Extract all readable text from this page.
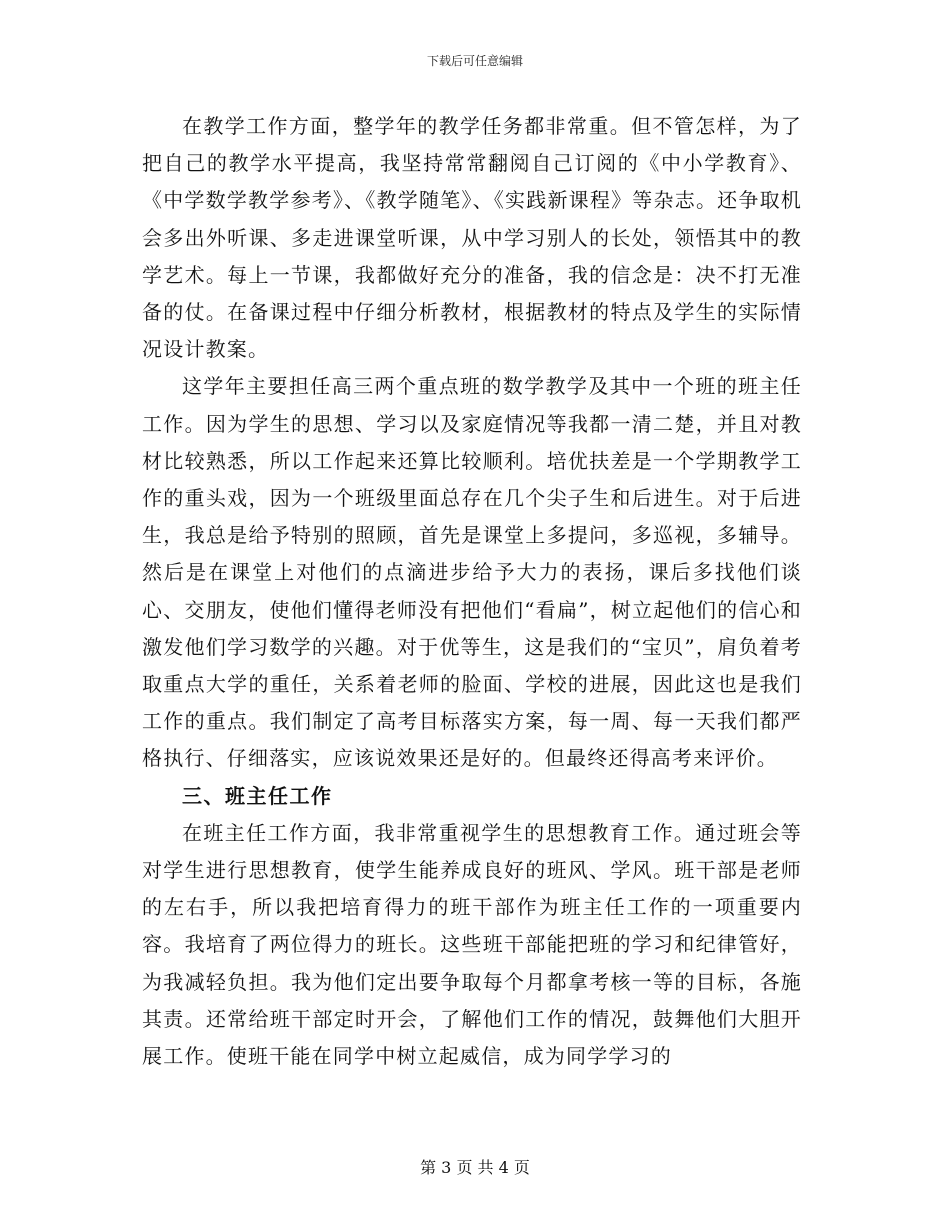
下载后可任意编辑

在教学工作方面，整学年的教学任务都非常重。但不管怎样，为了把自己的教学水平提高，我坚持常常翻阅自己订阅的《中小学教育》、《中学数学教学参考》、《教学随笔》、《实践新课程》等杂志。还争取机会多出外听课、多走进课堂听课，从中学习别人的长处，领悟其中的教学艺术。每上一节课，我都做好充分的准备，我的信念是：决不打无准备的仗。在备课过程中仔细分析教材，根据教材的特点及学生的实际情况设计教案。

这学年主要担任高三两个重点班的数学教学及其中一个班的班主任工作。因为学生的思想、学习以及家庭情况等我都一清二楚，并且对教材比较熟悉，所以工作起来还算比较顺利。培优扶差是一个学期教学工作的重头戏，因为一个班级里面总存在几个尖子生和后进生。对于后进生，我总是给予特别的照顾，首先是课堂上多提问，多巡视，多辅导。然后是在课堂上对他们的点滴进步给予大力的表扬，课后多找他们谈心、交朋友，使他们懂得老师没有把他们“看扁”，树立起他们的信心和激发他们学习数学的兴趣。对于优等生，这是我们的“宝贝”，肩负着考取重点大学的重任，关系着老师的脸面、学校的进展，因此这也是我们工作的重点。我们制定了高考目标落实方案，每一周、每一天我们都严格执行、仔细落实，应该说效果还是好的。但最终还得高考来评价。

三、班主任工作

在班主任工作方面，我非常重视学生的思想教育工作。通过班会等对学生进行思想教育，使学生能养成良好的班风、学风。班干部是老师的左右手，所以我把培育得力的班干部作为班主任工作的一项重要内容。我培育了两位得力的班长。这些班干部能把班的学习和纪律管好，为我减轻负担。我为他们定出要争取每个月都拿考核一等的目标，各施其责。还常给班干部定时开会，了解他们工作的情况，鼓舞他们大胆开展工作。使班干能在同学中树立起威信，成为同学学习的

第 3 页 共 4 页
